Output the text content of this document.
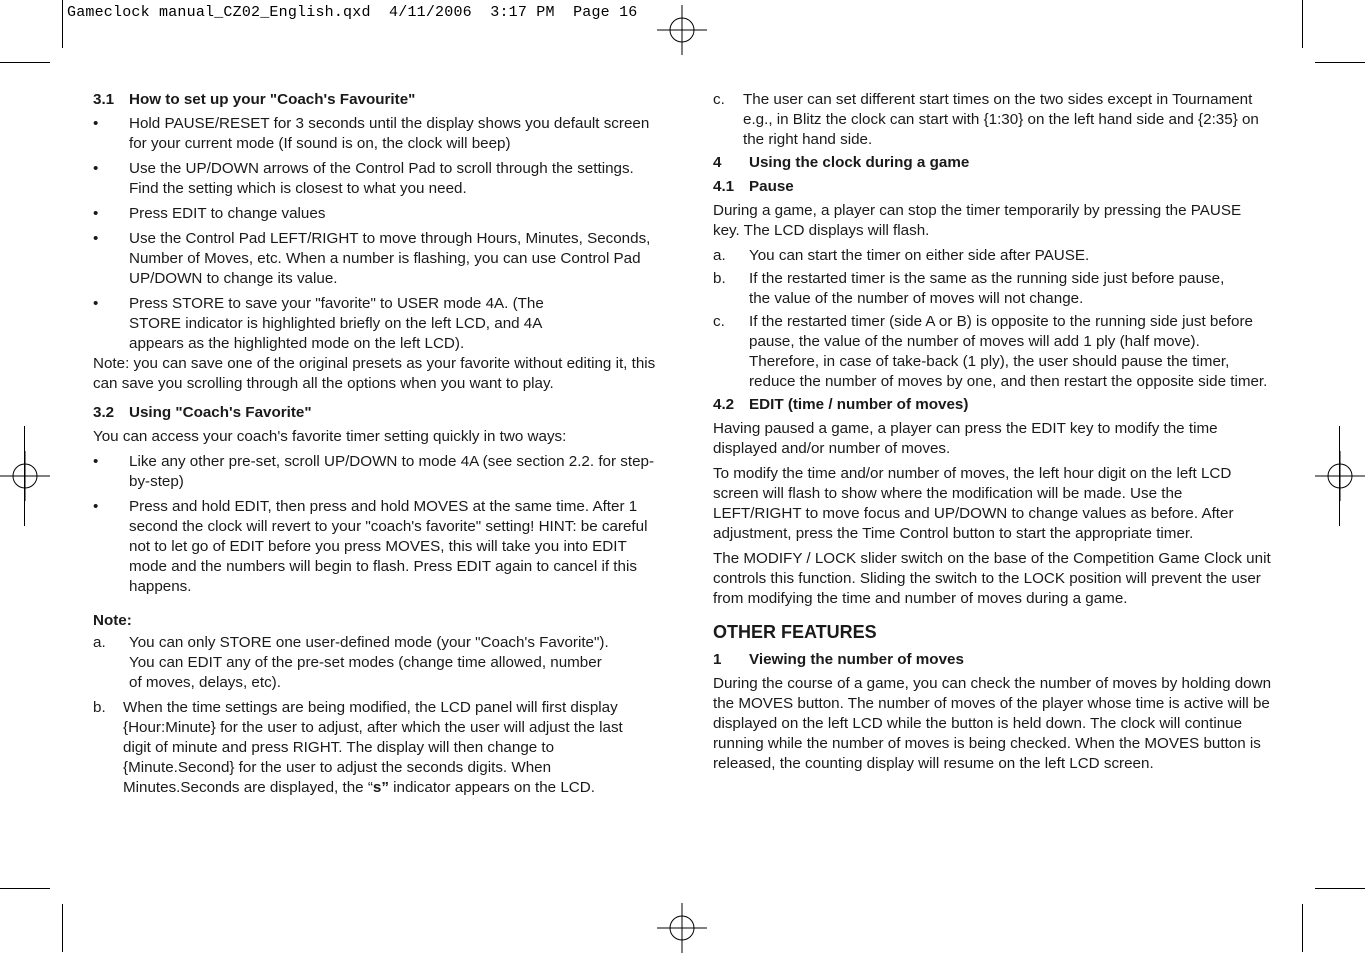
Gameclock manual_CZ02_English.qxd  4/11/2006  3:17 PM  Page 16
3.1 How to set up your "Coach's Favourite"
•	Hold PAUSE/RESET for 3 seconds until the display shows you default screen for your current mode (If sound is on, the clock will beep)
•	Use the UP/DOWN arrows of the Control Pad to scroll through the settings. Find the setting which is closest to what you need.
•	Press EDIT to change values
•	Use the Control Pad LEFT/RIGHT to move through Hours, Minutes, Seconds, Number of Moves, etc. When a number is flashing, you can use Control Pad UP/DOWN to change its value.
•	Press STORE to save your "favorite" to USER mode 4A. (The STORE indicator is highlighted briefly on the left LCD, and 4A appears as the highlighted mode on the left LCD).
Note: you can save one of the original presets as your favorite without editing it, this can save you scrolling through all the options when you want to play.
3.2 Using "Coach's Favorite"
You can access your coach's favorite timer setting quickly in two ways:
•	Like any other pre-set, scroll UP/DOWN to mode 4A (see section 2.2. for step-by-step)
•	Press and hold EDIT, then press and hold MOVES at the same time. After 1 second the clock will revert to your "coach's favorite" setting! HINT: be careful not to let go of EDIT before you press MOVES, this will take you into EDIT mode and the numbers will begin to flash. Press EDIT again to cancel if this happens.
Note:
a.	You can only STORE one user-defined mode (your "Coach's Favorite"). You can EDIT any of the pre-set modes (change time allowed, number of moves, delays, etc).
b.	When the time settings are being modified, the LCD panel will first display {Hour:Minute} for the user to adjust, after which the user will adjust the last digit of minute and press RIGHT. The display will then change to {Minute.Second} for the user to adjust the seconds digits. When Minutes.Seconds are displayed, the “s” indicator appears on the LCD.
c.	The user can set different start times on the two sides except in Tournament e.g., in Blitz the clock can start with {1:30} on the left hand side and {2:35} on the right hand side.
4	Using the clock during a game
4.1 Pause
During a game, a player can stop the timer temporarily by pressing the PAUSE key. The LCD displays will flash.
a.	You can start the timer on either side after PAUSE.
b.	If the restarted timer is the same as the running side just before pause, the value of the number of moves will not change.
c.	If the restarted timer (side A or B) is opposite to the running side just before pause, the value of the number of moves will add 1 ply (half move). Therefore, in case of take-back (1 ply), the user should pause the timer, reduce the number of moves by one, and then restart the opposite side timer.
4.2 EDIT (time / number of moves)
Having paused a game, a player can press the EDIT key to modify the time displayed and/or number of moves.
To modify the time and/or number of moves, the left hour digit on the left LCD screen will flash to show where the modification will be made. Use the LEFT/RIGHT to move focus and UP/DOWN to change values as before. After adjustment, press the Time Control button to start the appropriate timer.
The MODIFY / LOCK slider switch on the base of the Competition Game Clock unit controls this function. Sliding the switch to the LOCK position will prevent the user from modifying the time and number of moves during a game.
OTHER FEATURES
1	Viewing the number of moves
During the course of a game, you can check the number of moves by holding down the MOVES button. The number of moves of the player whose time is active will be displayed on the left LCD while the button is held down. The clock will continue running while the number of moves is being checked. When the MOVES button is released, the counting display will resume on the left LCD screen.
